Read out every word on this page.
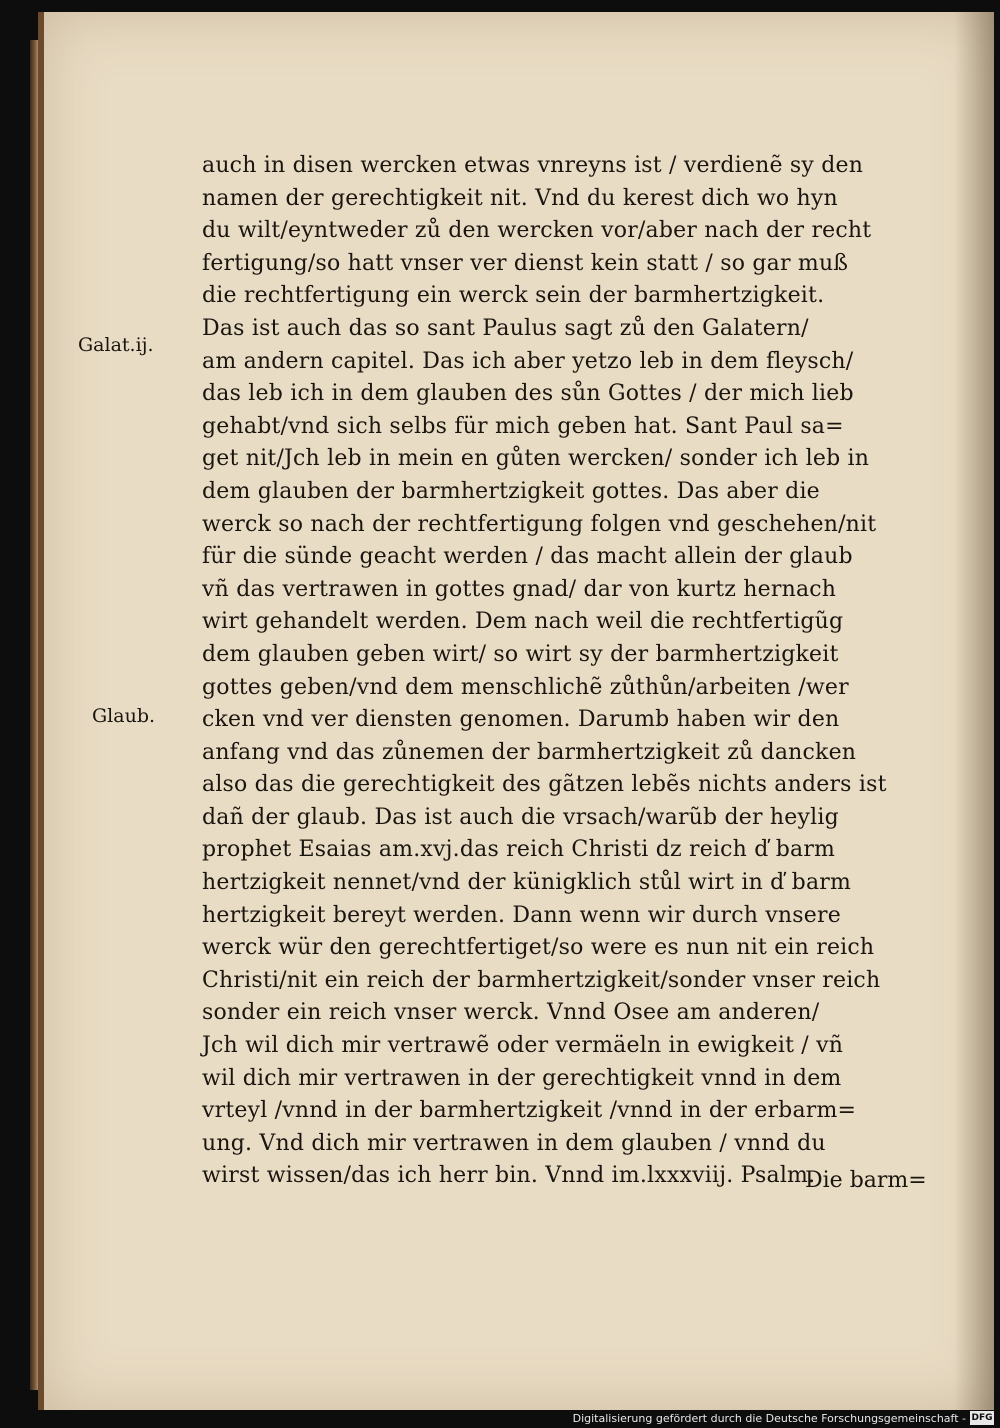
Galat.ij.
Glaub.
auch in disen wercken etwas vnreyns ist / verdienẽ sy den
namen der gerechtigkeit nit. Vnd du kerest dich wo hyn
du wilt/eyntweder zů den wercken vor/aber nach der recht
fertigung/so hatt vnser ver dienst kein statt / so gar muß
die rechtfertigung ein werck sein der barmhertzigkeit.
Das ist auch das so sant Paulus sagt zů den Galatern/
am andern capitel. Das ich aber yetzo leb in dem fleysch/
das leb ich in dem glauben des sůn Gottes / der mich lieb
gehabt/vnd sich selbs für mich geben hat. Sant Paul sa=
get nit/Jch leb in mein en gůten wercken/ sonder ich leb in
dem glauben der barmhertzigkeit gottes. Das aber die
werck so nach der rechtfertigung folgen vnd geschehen/nit
für die sünde geacht werden / das macht allein der glaub
vñ das vertrawen in gottes gnad/ dar von kurtz hernach
wirt gehandelt werden. Dem nach weil die rechtfertigũg
dem glauben geben wirt/ so wirt sy der barmhertzigkeit
gottes geben/vnd dem menschlichẽ zůthůn/arbeiten /wer
cken vnd ver diensten genomen. Darumb haben wir den
anfang vnd das zůnemen der barmhertzigkeit zů dancken
also das die gerechtigkeit des gãtzen lebẽs nichts anders ist
dañ der glaub. Das ist auch die vrsach/warũb der heylig
prophet Esaias am.xvj.das reich Christi dz reich ď barm
hertzigkeit nennet/vnd der künigklich stůl wirt in ď barm
hertzigkeit bereyt werden. Dann wenn wir durch vnsere
werck wür den gerechtfertiget/so were es nun nit ein reich
Christi/nit ein reich der barmhertzigkeit/sonder vnser reich
sonder ein reich vnser werck. Vnnd Osee am anderen/
Jch wil dich mir vertrawẽ oder vermäeln in ewigkeit / vñ
wil dich mir vertrawen in der gerechtigkeit vnnd in dem
vrteyl /vnnd in der barmhertzigkeit /vnnd in der erbarm=
ung. Vnd dich mir vertrawen in dem glauben / vnnd du
wirst wissen/das ich herr bin. Vnnd im.lxxxviij. Psalm.
Die barm=
Digitalisierung gefördert durch die Deutsche Forschungsgemeinschaft - DFG
